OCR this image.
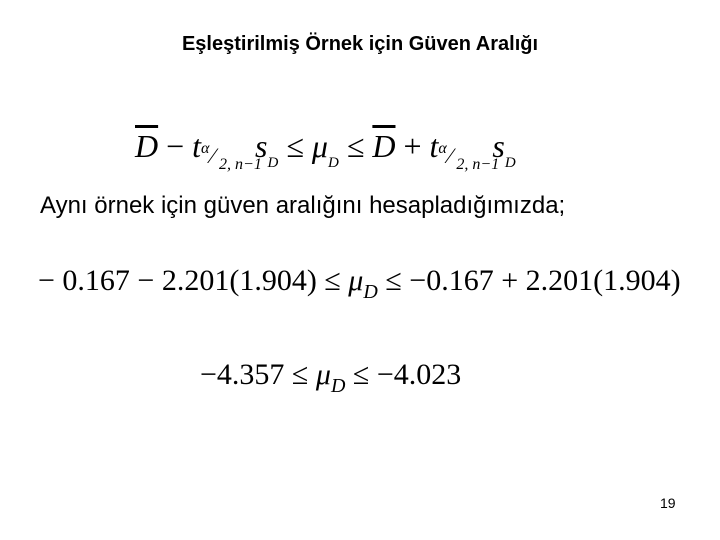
Eşleştirilmiş Örnek için Güven Aralığı
$\overline{D} - t$ α ⁄ 2 , n−1
$s_D \le \mu_D \le \overline{D} + t$ α ⁄ 2 , n−1
$s_D$
Aynı örnek için güven aralığını hesapladığımızda;
− $0.167 - 2.201(1.904) \le \mu_D \le -0.167 + 2.201(1.904)$
$-4.357 \le \mu_D \le -4.023$
19
